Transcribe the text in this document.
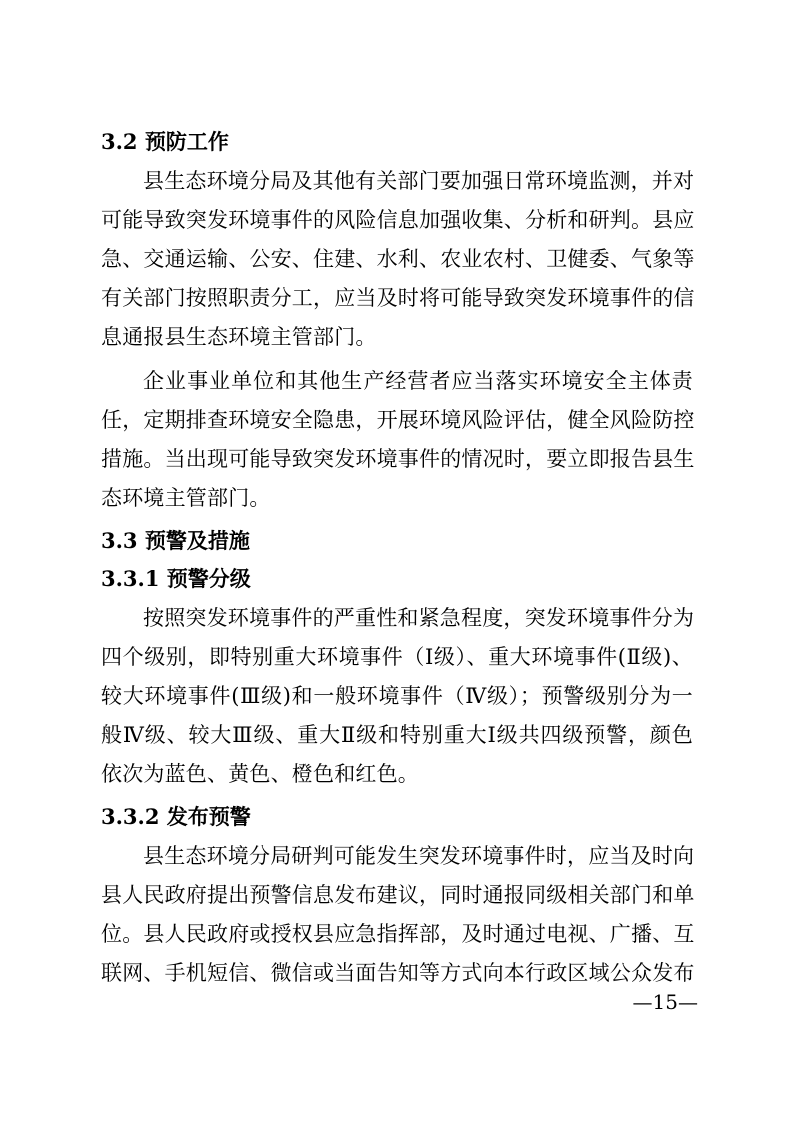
3.2 预防工作
县生态环境分局及其他有关部门要加强日常环境监测，并对
可能导致突发环境事件的风险信息加强收集、分析和研判。县应
急、交通运输、公安、住建、水利、农业农村、卫健委、气象等
有关部门按照职责分工，应当及时将可能导致突发环境事件的信
息通报县生态环境主管部门。
企业事业单位和其他生产经营者应当落实环境安全主体责
任，定期排查环境安全隐患，开展环境风险评估，健全风险防控
措施。当出现可能导致突发环境事件的情况时，要立即报告县生
态环境主管部门。
3.3 预警及措施
3.3.1 预警分级
按照突发环境事件的严重性和紧急程度，突发环境事件分为
四个级别，即特别重大环境事件（Ⅰ级）、重大环境事件(Ⅱ级)、
较大环境事件(Ⅲ级)和一般环境事件（Ⅳ级）；预警级别分为一
般Ⅳ级、较大Ⅲ级、重大Ⅱ级和特别重大Ⅰ级共四级预警，颜色
依次为蓝色、黄色、橙色和红色。
3.3.2 发布预警
县生态环境分局研判可能发生突发环境事件时，应当及时向
县人民政府提出预警信息发布建议，同时通报同级相关部门和单
位。县人民政府或授权县应急指挥部，及时通过电视、广播、互
联网、手机短信、微信或当面告知等方式向本行政区域公众发布
—15—
